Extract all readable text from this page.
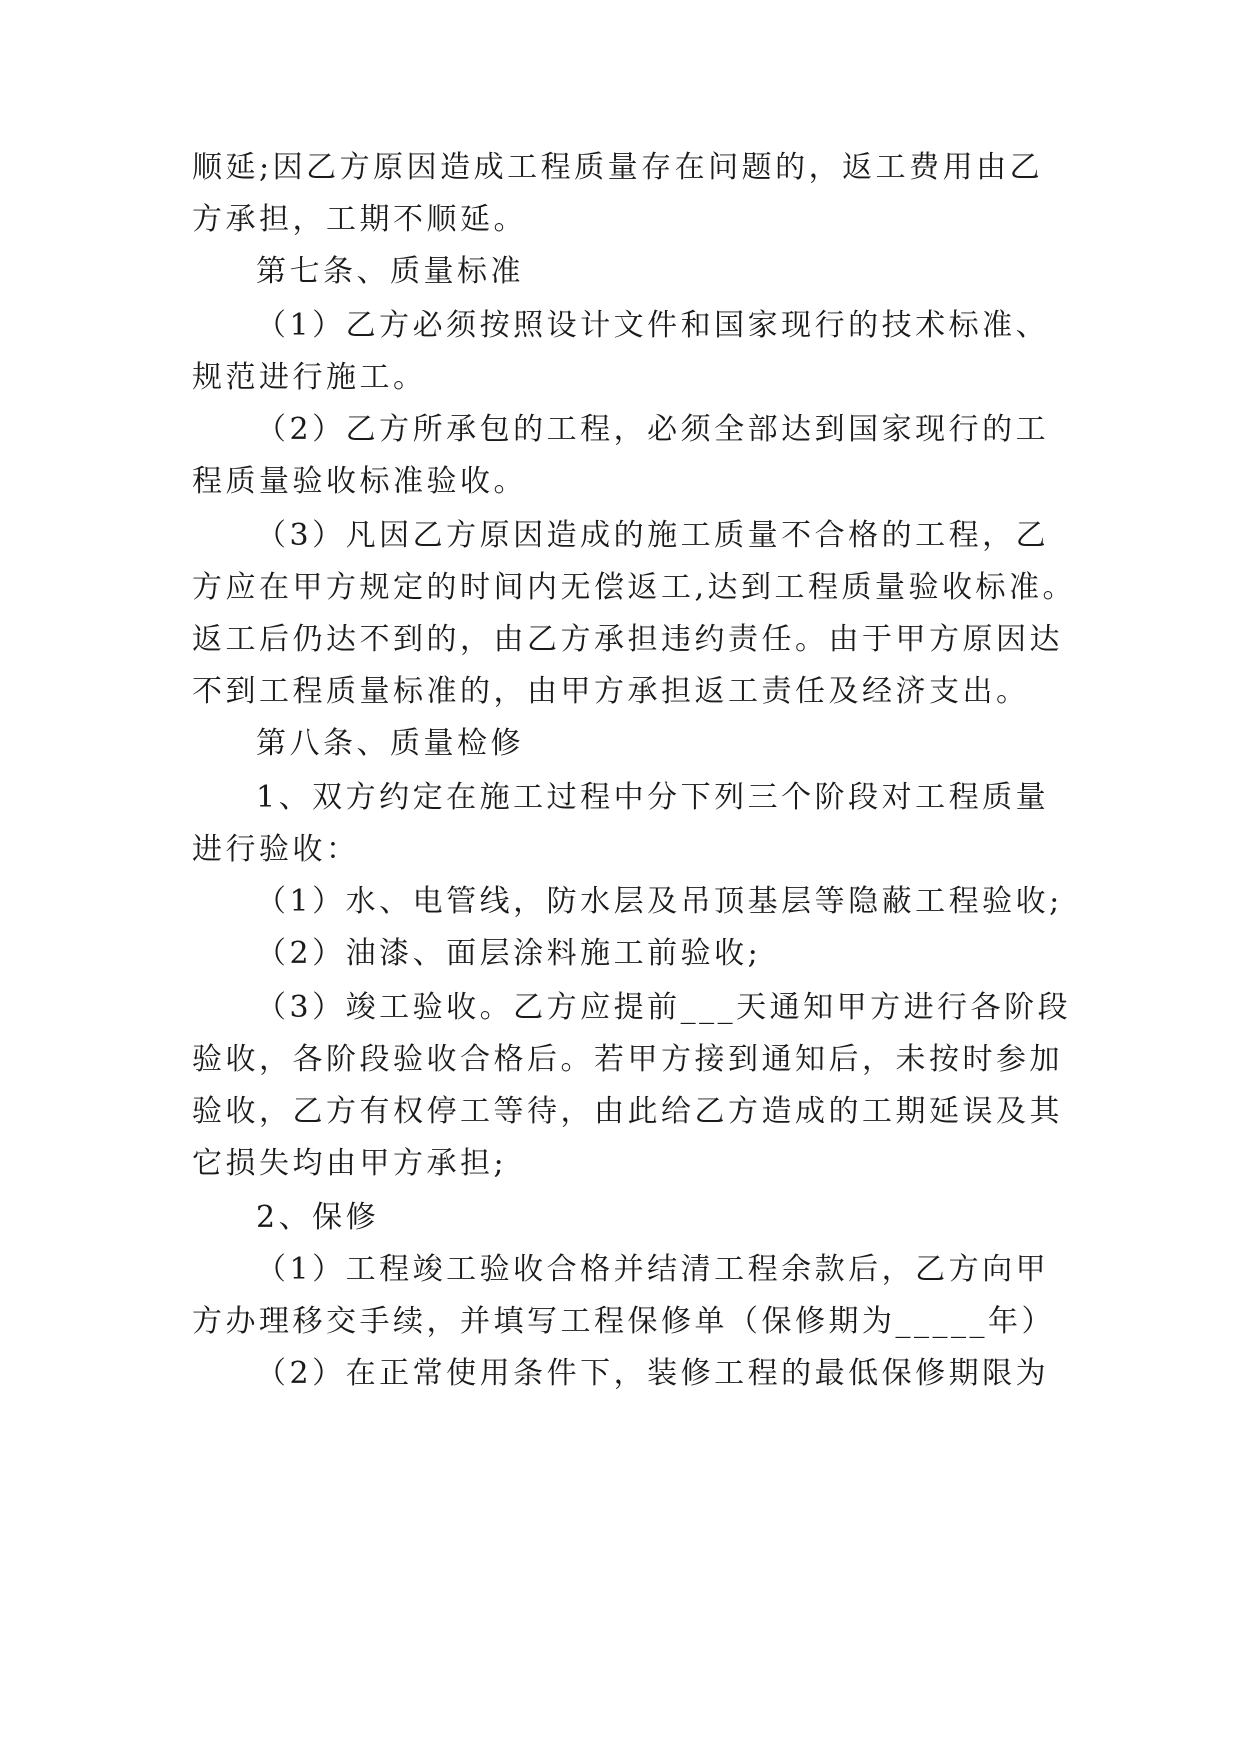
顺延;因乙方原因造成工程质量存在问题的，返工费用由乙
方承担，工期不顺延。
第七条、质量标准
（1）乙方必须按照设计文件和国家现行的技术标准、
规范进行施工。
（2）乙方所承包的工程，必须全部达到国家现行的工
程质量验收标准验收。
（3）凡因乙方原因造成的施工质量不合格的工程，乙
方应在甲方规定的时间内无偿返工,达到工程质量验收标准。
返工后仍达不到的，由乙方承担违约责任。由于甲方原因达
不到工程质量标准的，由甲方承担返工责任及经济支出。
第八条、质量检修
1、双方约定在施工过程中分下列三个阶段对工程质量
进行验收：
（1）水、电管线，防水层及吊顶基层等隐蔽工程验收;
（2）油漆、面层涂料施工前验收;
（3）竣工验收。乙方应提前___天通知甲方进行各阶段
验收，各阶段验收合格后。若甲方接到通知后，未按时参加
验收，乙方有权停工等待，由此给乙方造成的工期延误及其
它损失均由甲方承担;
2、保修
（1）工程竣工验收合格并结清工程余款后，乙方向甲
方办理移交手续，并填写工程保修单（保修期为_____年）
（2）在正常使用条件下，装修工程的最低保修期限为
